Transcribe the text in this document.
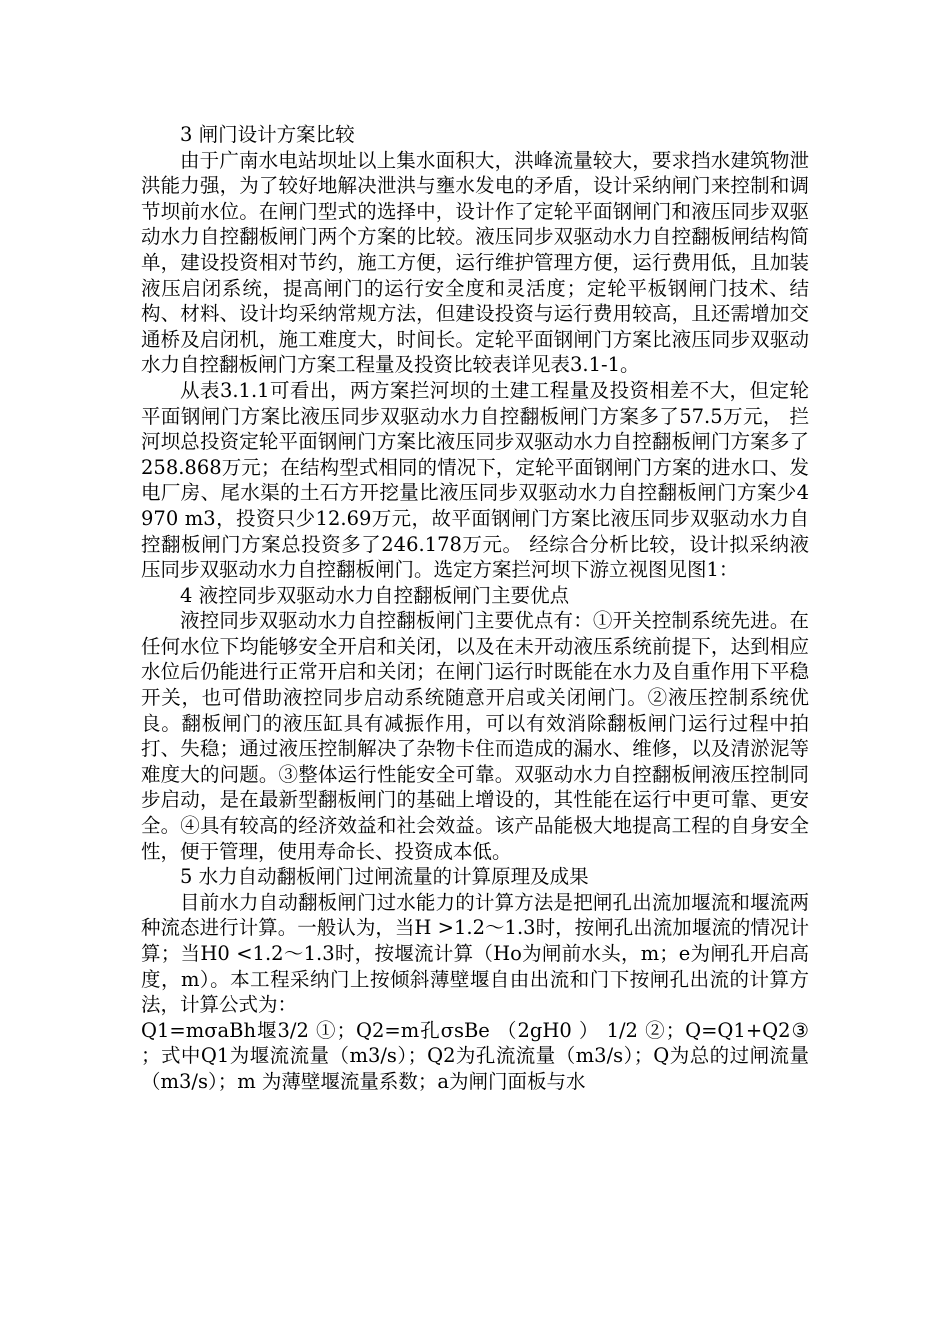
3 闸门设计方案比较

由于广南水电站坝址以上集水面积大，洪峰流量较大，要求挡水建筑物泄洪能力强，为了较好地解决泄洪与壅水发电的矛盾，设计采纳闸门来控制和调节坝前水位。在闸门型式的选择中，设计作了定轮平面钢闸门和液压同步双驱动水力自控翻板闸门两个方案的比较。液压同步双驱动水力自控翻板闸结构简单，建设投资相对节约，施工方便，运行维护管理方便，运行费用低，且加装液压启闭系统，提高闸门的运行安全度和灵活度；定轮平板钢闸门技术、结构、材料、设计均采纳常规方法，但建设投资与运行费用较高，且还需增加交通桥及启闭机，施工难度大，时间长。定轮平面钢闸门方案比液压同步双驱动水力自控翻板闸门方案工程量及投资比较表详见表3.1-1。

从表3.1.1可看出，两方案拦河坝的土建工程量及投资相差不大，但定轮平面钢闸门方案比液压同步双驱动水力自控翻板闸门方案多了57.5万元， 拦河坝总投资定轮平面钢闸门方案比液压同步双驱动水力自控翻板闸门方案多了258.868万元；在结构型式相同的情况下，定轮平面钢闸门方案的进水口、发电厂房、尾水渠的土石方开挖量比液压同步双驱动水力自控翻板闸门方案少4970 m3，投资只少12.69万元，故平面钢闸门方案比液压同步双驱动水力自控翻板闸门方案总投资多了246.178万元。 经综合分析比较，设计拟采纳液压同步双驱动水力自控翻板闸门。选定方案拦河坝下游立视图见图1：

4 液控同步双驱动水力自控翻板闸门主要优点

液控同步双驱动水力自控翻板闸门主要优点有：①开关控制系统先进。在任何水位下均能够安全开启和关闭，以及在未开动液压系统前提下，达到相应水位后仍能进行正常开启和关闭；在闸门运行时既能在水力及自重作用下平稳开关，也可借助液控同步启动系统随意开启或关闭闸门。②液压控制系统优良。翻板闸门的液压缸具有减振作用，可以有效消除翻板闸门运行过程中拍打、失稳；通过液压控制解决了杂物卡住而造成的漏水、维修，以及清淤泥等难度大的问题。③整体运行性能安全可靠。双驱动水力自控翻板闸液压控制同步启动，是在最新型翻板闸门的基础上增设的，其性能在运行中更可靠、更安全。④具有较高的经济效益和社会效益。该产品能极大地提高工程的自身安全性，便于管理，使用寿命长、投资成本低。

5 水力自动翻板闸门过闸流量的计算原理及成果

目前水力自动翻板闸门过水能力的计算方法是把闸孔出流加堰流和堰流两种流态进行计算。一般认为，当H >1.2～1.3时，按闸孔出流加堰流的情况计算；当H0 <1.2～1.3时，按堰流计算（Ho为闸前水头，m；e为闸孔开启高度，m）。本工程采纳门上按倾斜薄壁堰自由出流和门下按闸孔出流的计算方法，计算公式为：

Q1=mσaBh堰3/2 ①；Q2=m孔σsBe （2gH0 ） 1/2 ②；Q=Q1+Q2③ ；式中Q1为堰流流量（m3/s）；Q2为孔流流量（m3/s）；Q为总的过闸流量（m3/s）；m 为薄壁堰流量系数；a为闸门面板与水
